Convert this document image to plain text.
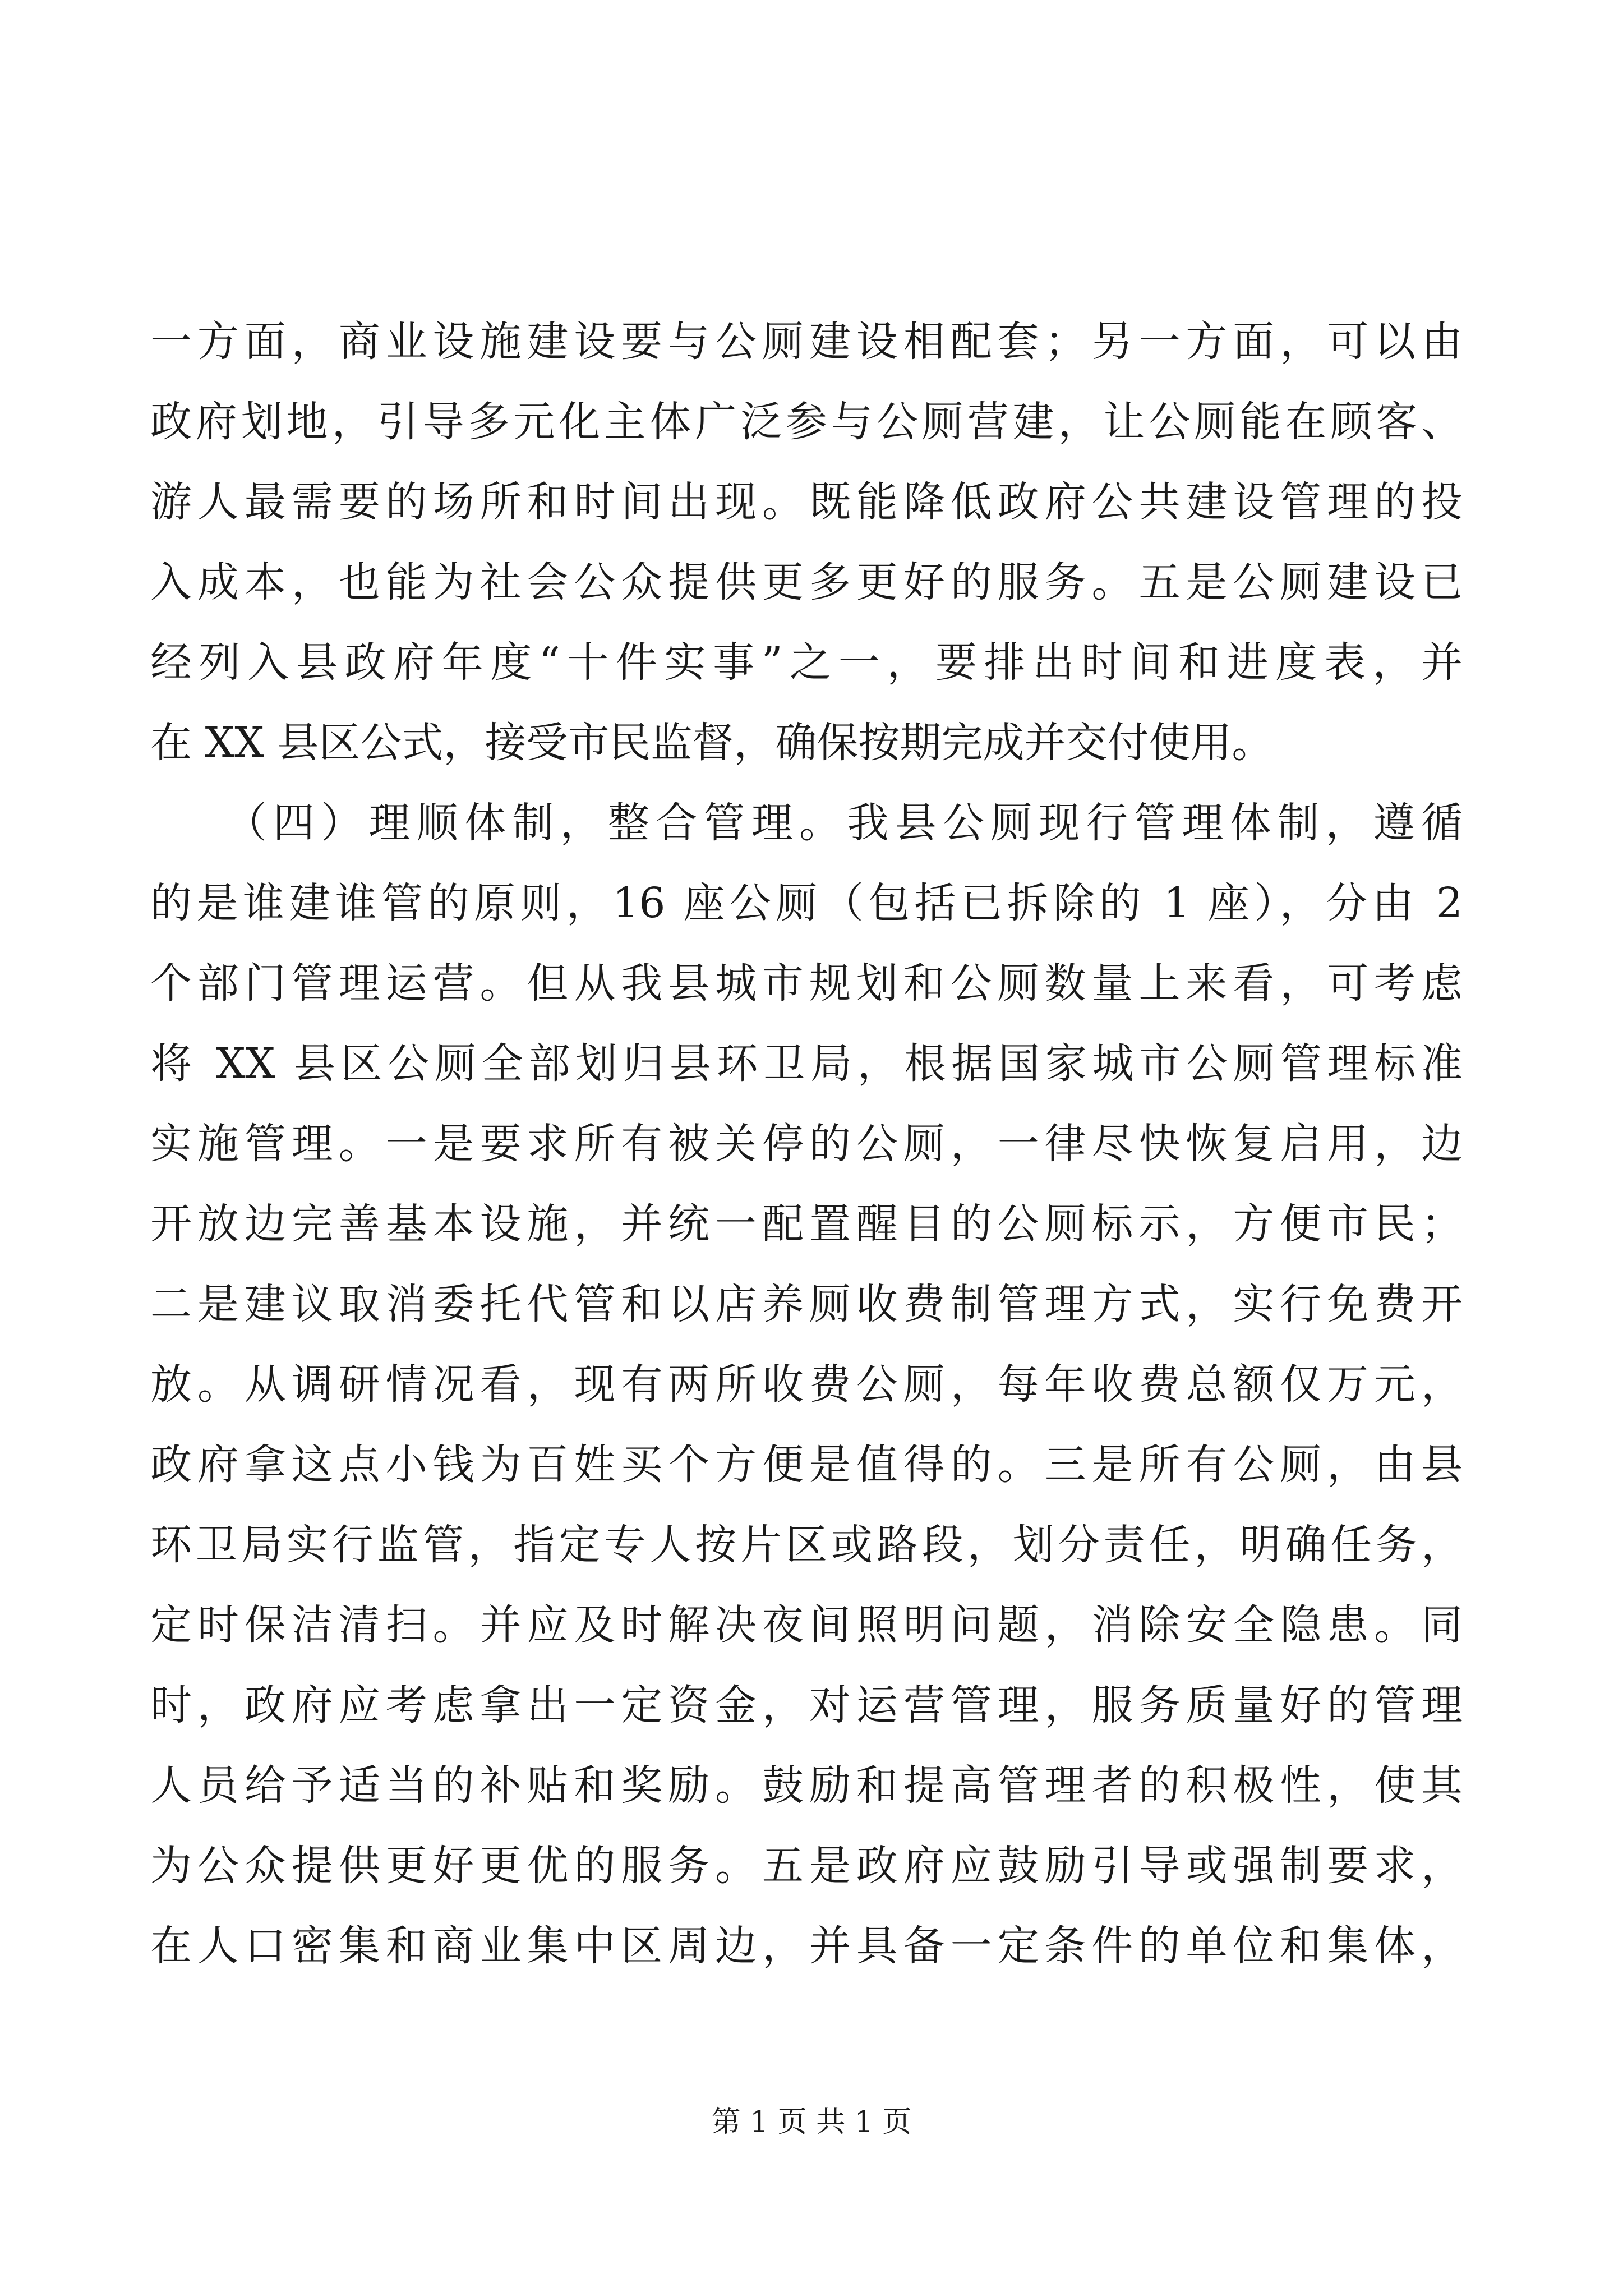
一方面，商业设施建设要与公厕建设相配套；另一方面，可以由
政府划地，引导多元化主体广泛参与公厕营建，让公厕能在顾客、
游人最需要的场所和时间出现。既能降低政府公共建设管理的投
入成本，也能为社会公众提供更多更好的服务。五是公厕建设已
经列入县政府年度“十件实事”之一，要排出时间和进度表，并
在 XX 县区公式，接受市民监督，确保按期完成并交付使用。
　　（四）理顺体制，整合管理。我县公厕现行管理体制，遵循
的是谁建谁管的原则，16 座公厕（包括已拆除的 1 座），分由 2
个部门管理运营。但从我县城市规划和公厕数量上来看，可考虑
将 XX 县区公厕全部划归县环卫局，根据国家城市公厕管理标准
实施管理。一是要求所有被关停的公厕，一律尽快恢复启用，边
开放边完善基本设施，并统一配置醒目的公厕标示，方便市民；
二是建议取消委托代管和以店养厕收费制管理方式，实行免费开
放。从调研情况看，现有两所收费公厕，每年收费总额仅万元，
政府拿这点小钱为百姓买个方便是值得的。三是所有公厕，由县
环卫局实行监管，指定专人按片区或路段，划分责任，明确任务，
定时保洁清扫。并应及时解决夜间照明问题，消除安全隐患。同
时，政府应考虑拿出一定资金，对运营管理，服务质量好的管理
人员给予适当的补贴和奖励。鼓励和提高管理者的积极性，使其
为公众提供更好更优的服务。五是政府应鼓励引导或强制要求，
在人口密集和商业集中区周边，并具备一定条件的单位和集体，
第 1 页 共 1 页
